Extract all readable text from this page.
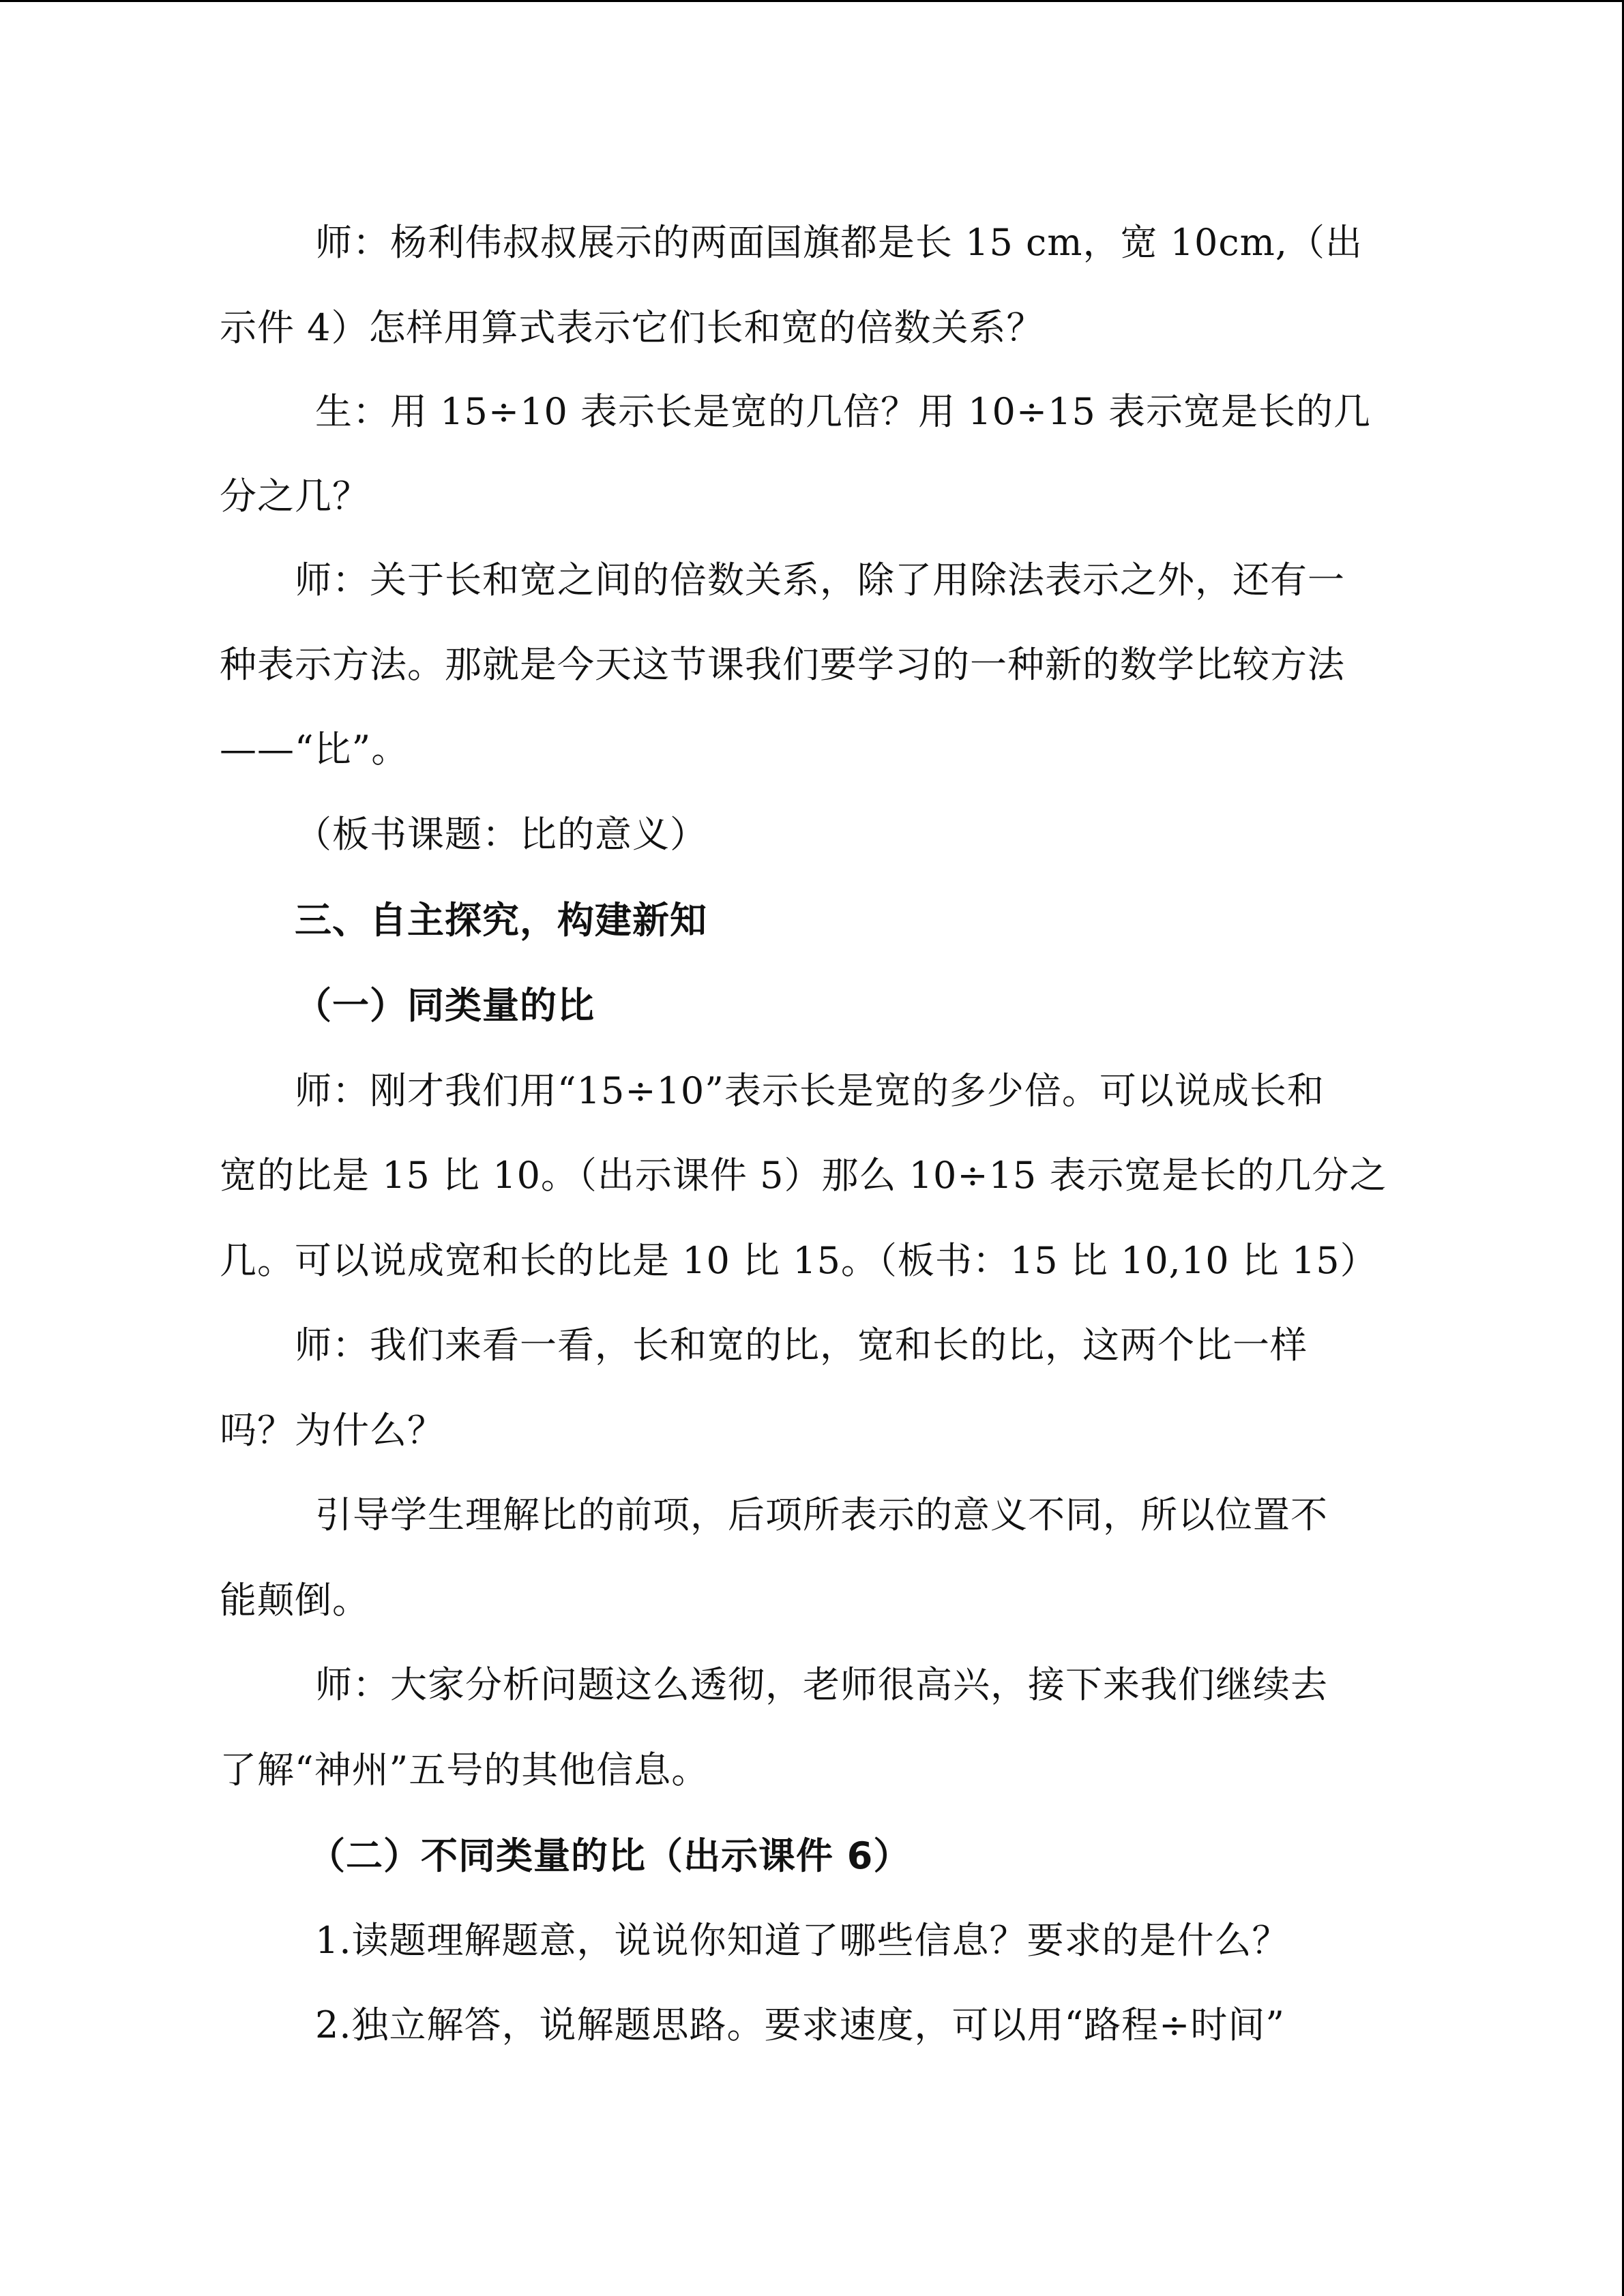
师：杨利伟叔叔展示的两面国旗都是长 15 cm，宽 10cm,（出
示件 4）怎样用算式表示它们长和宽的倍数关系？
生：用 15÷10 表示长是宽的几倍？用 10÷15 表示宽是长的几
分之几？
师：关于长和宽之间的倍数关系，除了用除法表示之外，还有一
种表示方法。那就是今天这节课我们要学习的一种新的数学比较方法
——“比”。
（板书课题：比的意义）
三、自主探究，构建新知
（一）同类量的比
师：刚才我们用“15÷10”表示长是宽的多少倍。可以说成长和
宽的比是 15 比 10。（出示课件 5）那么 10÷15 表示宽是长的几分之
几。可以说成宽和长的比是 10 比 15。（板书：15 比 10,10 比 15）
师：我们来看一看，长和宽的比，宽和长的比，这两个比一样
吗？为什么？
引导学生理解比的前项，后项所表示的意义不同，所以位置不
能颠倒。
师：大家分析问题这么透彻，老师很高兴，接下来我们继续去
了解“神州”五号的其他信息。
（二）不同类量的比（出示课件 6）
1.读题理解题意，说说你知道了哪些信息？要求的是什么？
2.独立解答，说解题思路。要求速度，可以用“路程÷时间”
